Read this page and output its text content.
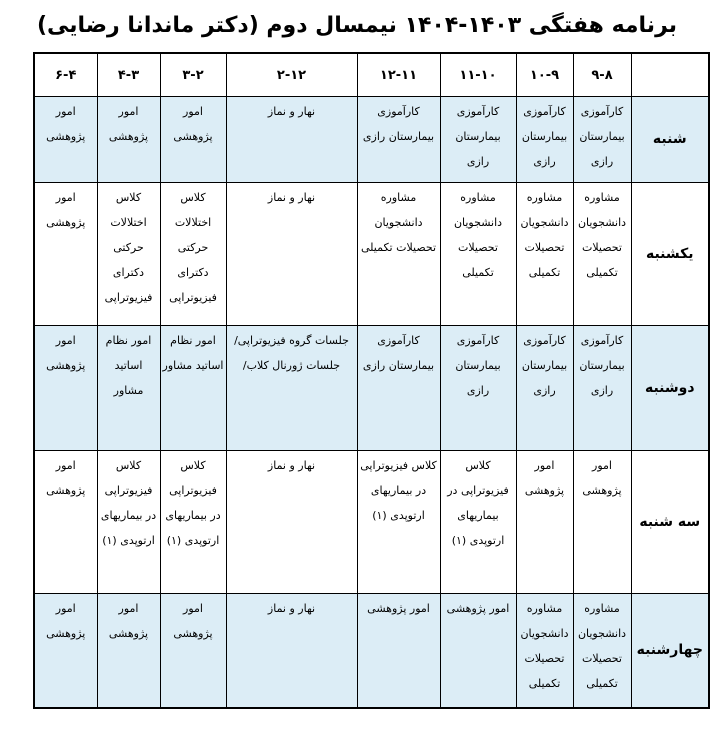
برنامه هفتگی ۱۴۰۳-۱۴۰۴ نیمسال دوم (دکتر ماندانا رضایی)
	۹-۸	۱۰-۹	۱۱-۱۰	۱۲-۱۱	۲-۱۲	۳-۲	۴-۳	۶-۴
شنبه	کارآموزی بیمارستان رازی	کارآموزی بیمارستان رازی	کارآموزی بیمارستان رازی	کارآموزی بیمارستان رازی	نهار و نماز	امور پژوهشی	امور پژوهشی	امور پژوهشی
یکشنبه	مشاوره دانشجویان تحصیلات تکمیلی	مشاوره دانشجویان تحصیلات تکمیلی	مشاوره دانشجویان تحصیلات تکمیلی	مشاوره دانشجویان تحصیلات تکمیلی	نهار و نماز	کلاس اختلالات حرکتی دکترای فیزیوتراپی	کلاس اختلالات حرکتی دکترای فیزیوتراپی	امور پژوهشی
دوشنبه	کارآموزی بیمارستان رازی	کارآموزی بیمارستان رازی	کارآموزی بیمارستان رازی	کارآموزی بیمارستان رازی	جلسات گروه فیزیوتراپی/جلسات ژورنال کلاب/	امور نظام اساتید مشاور	امور نظام اساتید مشاور	امور پژوهشی
سه شنبه	امور پژوهشی	امور پژوهشی	کلاس فیزیوتراپی در بیماریهای ارتوپدی (۱)	کلاس فیزیوتراپی در بیماریهای ارتوپدی (۱)	نهار و نماز	کلاس فیزیوتراپی در بیماریهای ارتوپدی (۱)	کلاس فیزیوتراپی در بیماریهای ارتوپدی (۱)	امور پژوهشی
چهارشنبه	مشاوره دانشجویان تحصیلات تکمیلی	مشاوره دانشجویان تحصیلات تکمیلی	امور پژوهشی	امور پژوهشی	نهار و نماز	امور پژوهشی	امور پژوهشی	امور پژوهشی
